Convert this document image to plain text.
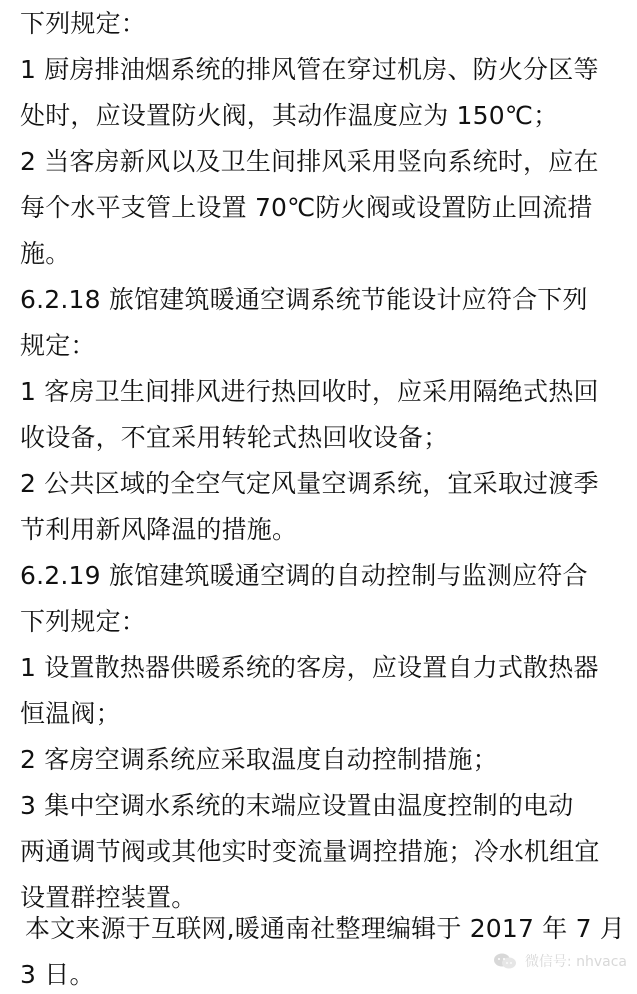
下列规定：
1 厨房排油烟系统的排风管在穿过机房、防火分区等
处时，应设置防火阀，其动作温度应为 150℃；
2 当客房新风以及卫生间排风采用竖向系统时，应在
每个水平支管上设置 70℃防火阀或设置防止回流措
施。
6.2.18 旅馆建筑暖通空调系统节能设计应符合下列
规定：
1 客房卫生间排风进行热回收时，应采用隔绝式热回
收设备，不宜采用转轮式热回收设备；
2 公共区域的全空气定风量空调系统，宜采取过渡季
节利用新风降温的措施。
6.2.19 旅馆建筑暖通空调的自动控制与监测应符合
下列规定：
1 设置散热器供暖系统的客房，应设置自力式散热器
恒温阀；
2 客房空调系统应采取温度自动控制措施；
3 集中空调水系统的末端应设置由温度控制的电动
两通调节阀或其他实时变流量调控措施；冷水机组宜
设置群控装置。
本文来源于互联网,暖通南社整理编辑于 2017 年 7 月
3 日。	微信号: nhvaca
